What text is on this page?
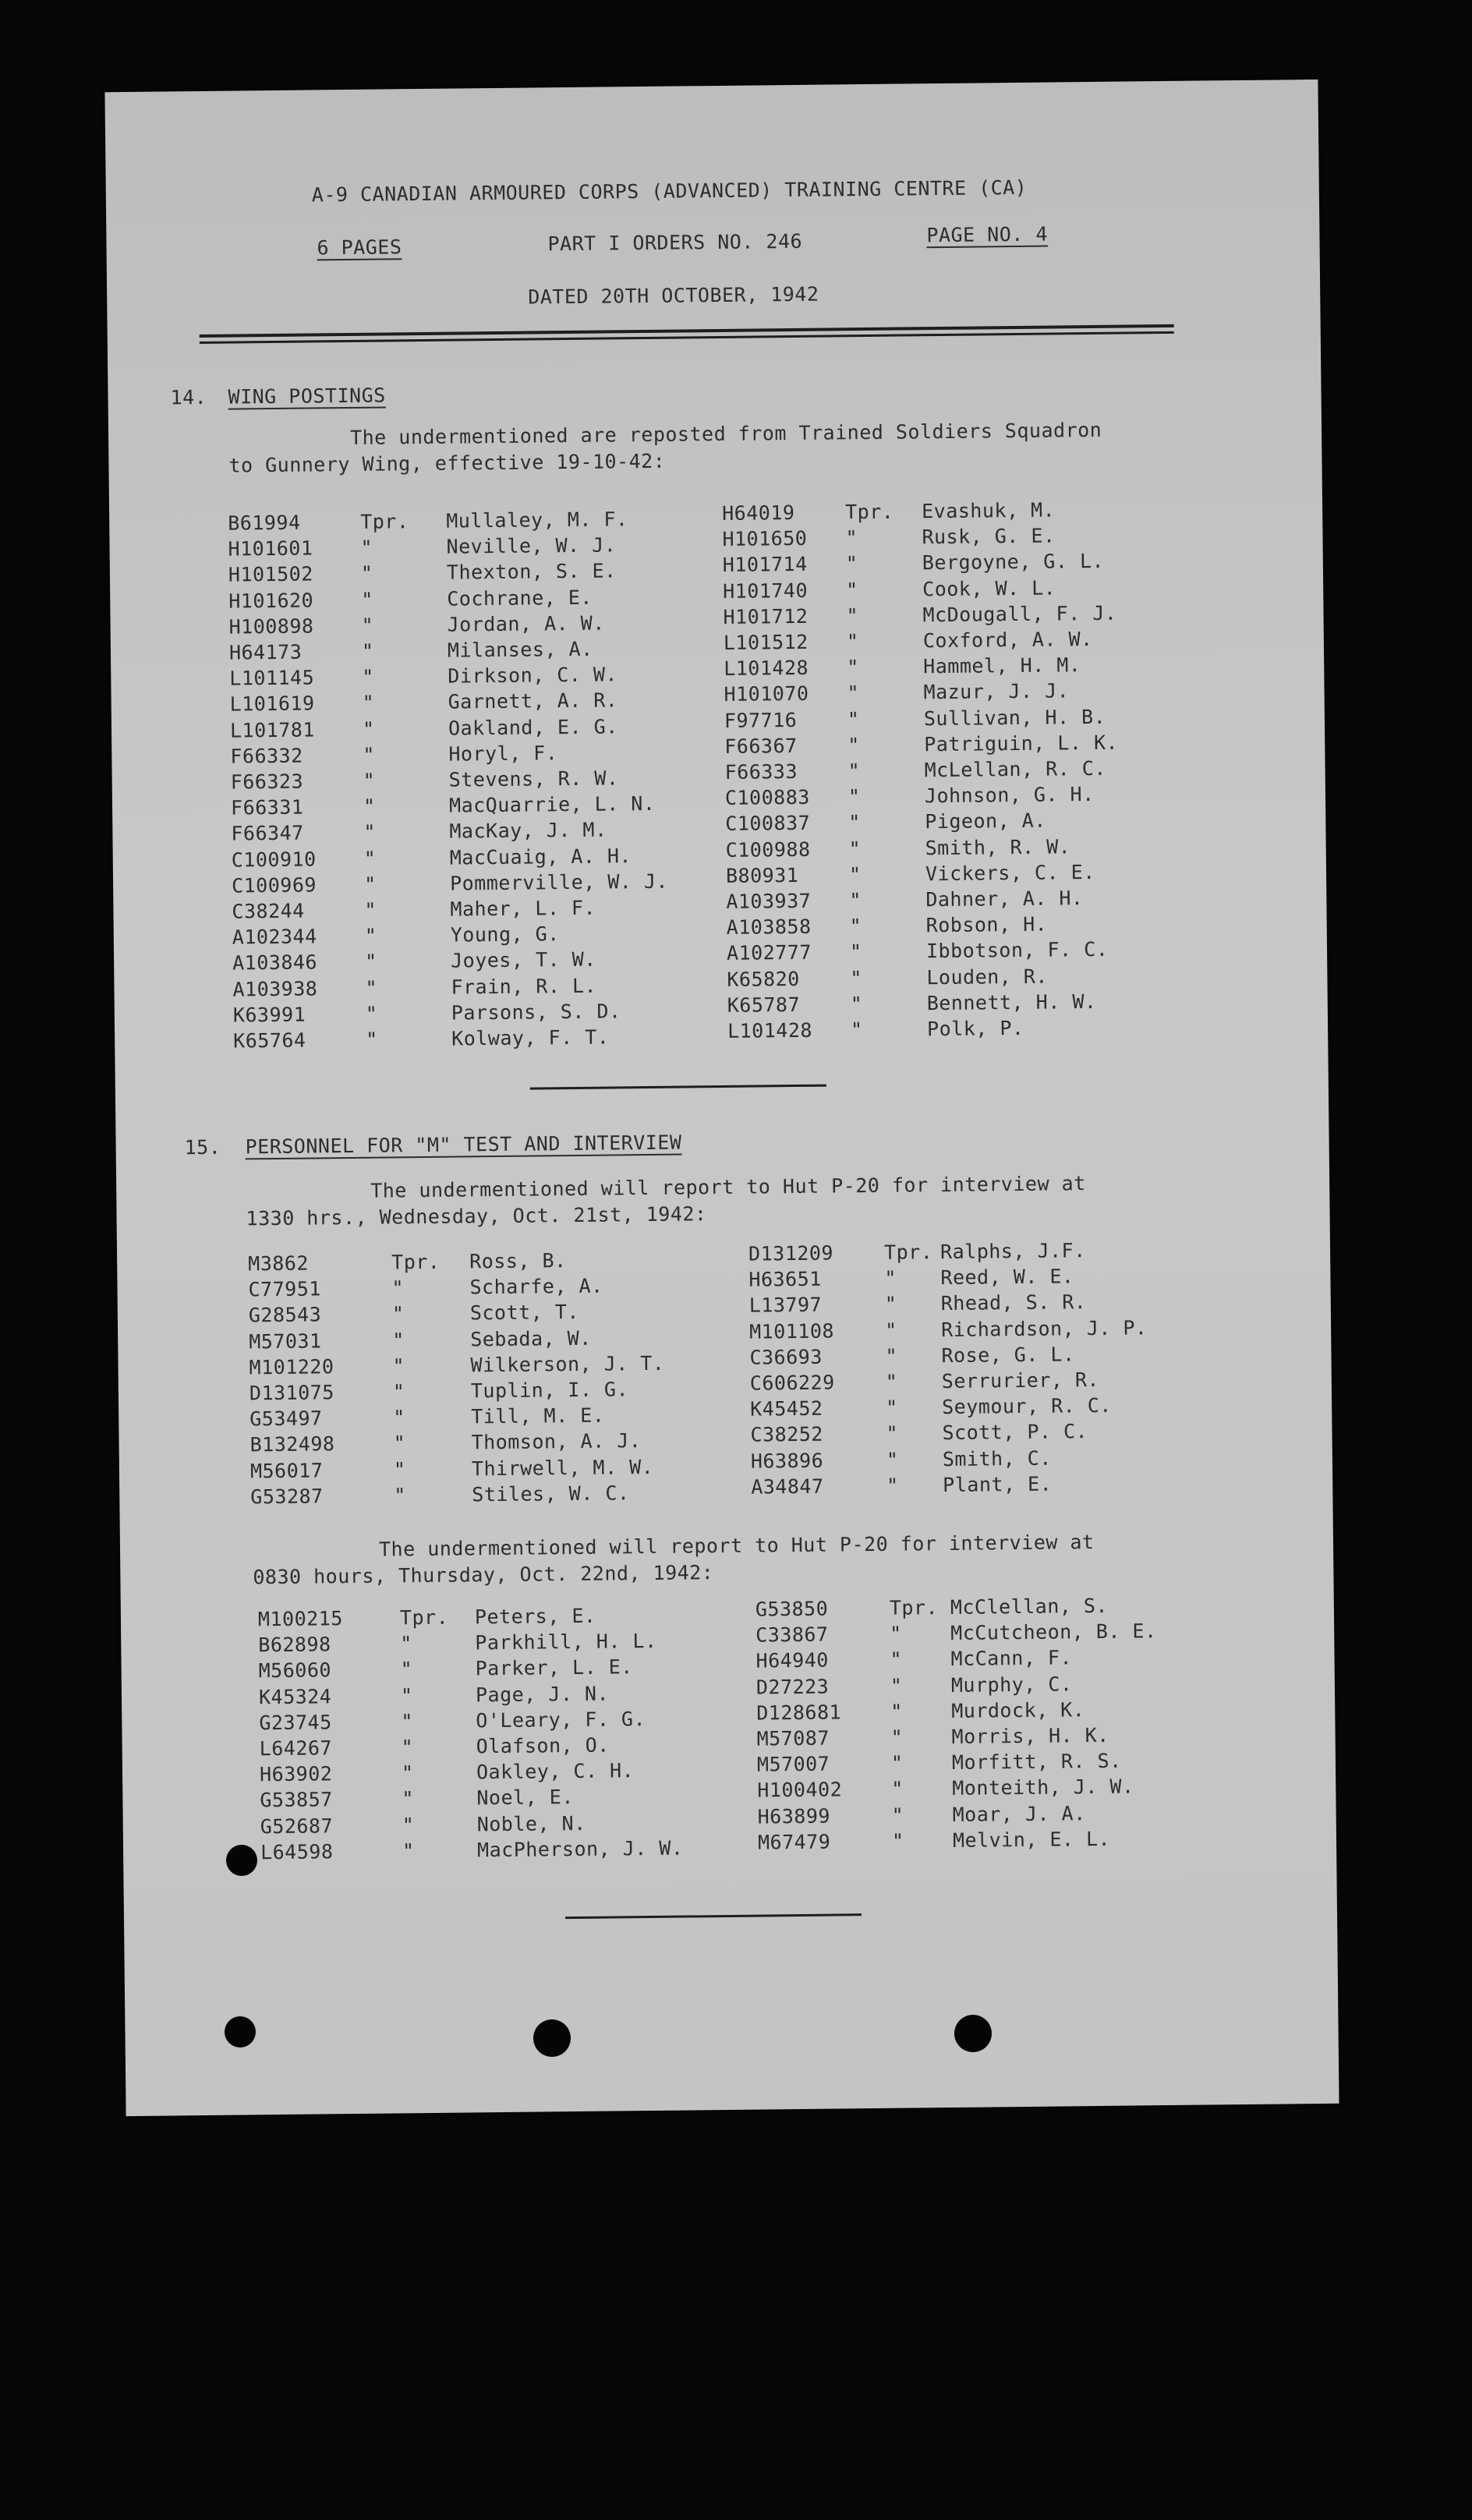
A-9 CANADIAN ARMOURED CORPS (ADVANCED) TRAINING CENTRE (CA)
6 PAGES	PART I ORDERS NO. 246	PAGE NO. 4
DATED 20TH OCTOBER, 1942
14. WING POSTINGS
The undermentioned are reposted from Trained Soldiers Squadron
to Gunnery Wing, effective 19-10-42:
B61994	Tpr. Mullaley, M. F.
H101601 "	Neville, W. J.
H101502 "	Thexton, S. E.
H101620 "	Cochrane, E.
H100898 "	Jordan, A. W.
H64173	"	Milanses, A.
L101145 "	Dirkson, C. W.
L101619 "	Garnett, A. R.
L101781 "	Oakland, E. G.
F66332	"	Horyl, F.
F66323	"	Stevens, R. W.
F66331	"	MacQuarrie, L. N.
F66347	"	MacKay, J. M.
C100910 "	MacCuaig, A. H.
C100969 "	Pommerville, W. J.
C38244	"	Maher, L. F.
A102344 "	Young, G.
A103846 "	Joyes, T. W.
A103938 "	Frain, R. L.
K63991	"	Parsons, S. D.
K65764	"	Kolway, F. T.
H64019	Tpr. Evashuk, M.
H101650 "	Rusk, G. E.
H101714 "	Bergoyne, G. L.
H101740 "	Cook, W. L.
H101712 "	McDougall, F. J.
L101512 "	Coxford, A. W.
L101428 "	Hammel, H. M.
H101070 "	Mazur, J. J.
F97716	"	Sullivan, H. B.
F66367	"	Patriguin, L. K.
F66333	"	McLellan, R. C.
C100883 "	Johnson, G. H.
C100837 "	Pigeon, A.
C100988 "	Smith, R. W.
B80931	"	Vickers, C. E.
A103937 "	Dahner, A. H.
A103858 "	Robson, H.
A102777 "	Ibbotson, F. C.
K65820	"	Louden, R.
K65787	"	Bennett, H. W.
L101428 "	Polk, P.
15. PERSONNEL FOR "M" TEST AND INTERVIEW
The undermentioned will report to Hut P-20 for interview at
1330 hrs., Wednesday, Oct. 21st, 1942:
M3862	Tpr. Ross, B.
C77951	"	Scharfe, A.
G28543	"	Scott, T.
M57031	"	Sebada, W.
M101220	"	Wilkerson, J. T.
D131075	"	Tuplin, I. G.
G53497	"	Till, M. E.
B132498	"	Thomson, A. J.
M56017	"	Thirwell, M. W.
G53287	"	Stiles, W. C.
D131209	Tpr. Ralphs, J.F.
H63651	" Reed, W. E.
L13797	" Rhead, S. R.
M101108	" Richardson, J. P.
C36693	" Rose, G. L.
C606229	" Serrurier, R.
K45452	" Seymour, R. C.
C38252	" Scott, P. C.
H63896	" Smith, C.
A34847	" Plant, E.
The undermentioned will report to Hut P-20 for interview at
0830 hours, Thursday, Oct. 22nd, 1942:
M100215	Tpr. Peters, E.
B62898	"	Parkhill, H. L.
M56060	"	Parker, L. E.
K45324	"	Page, J. N.
G23745	"	O'Leary, F. G.
L64267	"	Olafson, O.
H63902	"	Oakley, C. H.
G53857	"	Noel, E.
G52687	"	Noble, N.
L64598	"	MacPherson, J. W.
G53850	Tpr. McClellan, S.
C33867	" McCutcheon, B. E.
H64940	" McCann, F.
D27223	" Murphy, C.
D128681	" Murdock, K.
M57087	" Morris, H. K.
M57007	" Morfitt, R. S.
H100402	" Monteith, J. W.
H63899	" Moar, J. A.
M67479	" Melvin, E. L.
